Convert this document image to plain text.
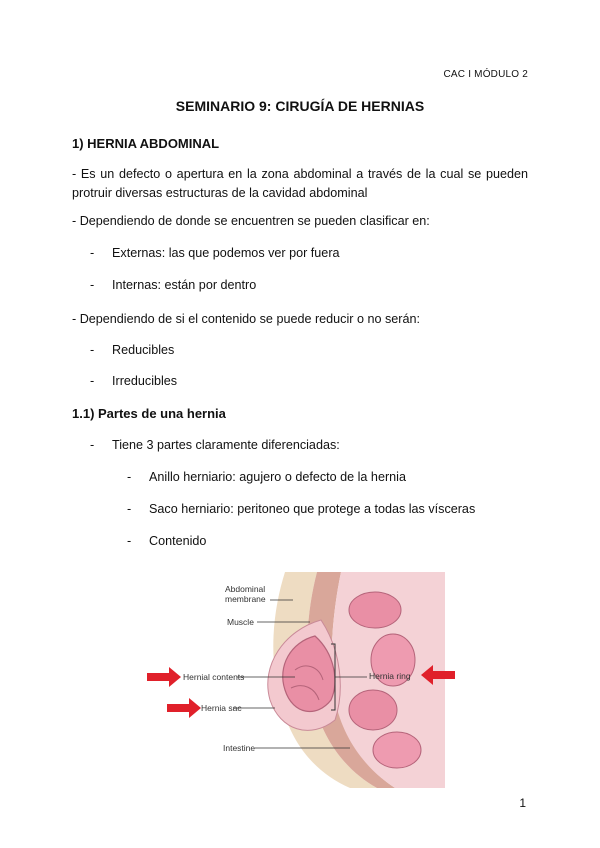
CAC I MÓDULO 2
SEMINARIO 9: CIRUGÍA DE HERNIAS
1) HERNIA ABDOMINAL
- Es un defecto o apertura en la zona abdominal a través de la cual se pueden protruir diversas estructuras de la cavidad abdominal
- Dependiendo de donde se encuentren se pueden clasificar en:
- Externas: las que podemos ver por fuera
- Internas: están por dentro
- Dependiendo de si el contenido se puede reducir o no serán:
- Reducibles
- Irreducibles
1.1) Partes de una hernia
- Tiene 3 partes claramente diferenciadas:
- Anillo herniario: agujero o defecto de la hernia
- Saco herniario: peritoneo que protege a todas las vísceras
- Contenido
Abdominal
membrane
Muscle
Hernial contents
Hernia sac
Intestine
Hernia ring
1
